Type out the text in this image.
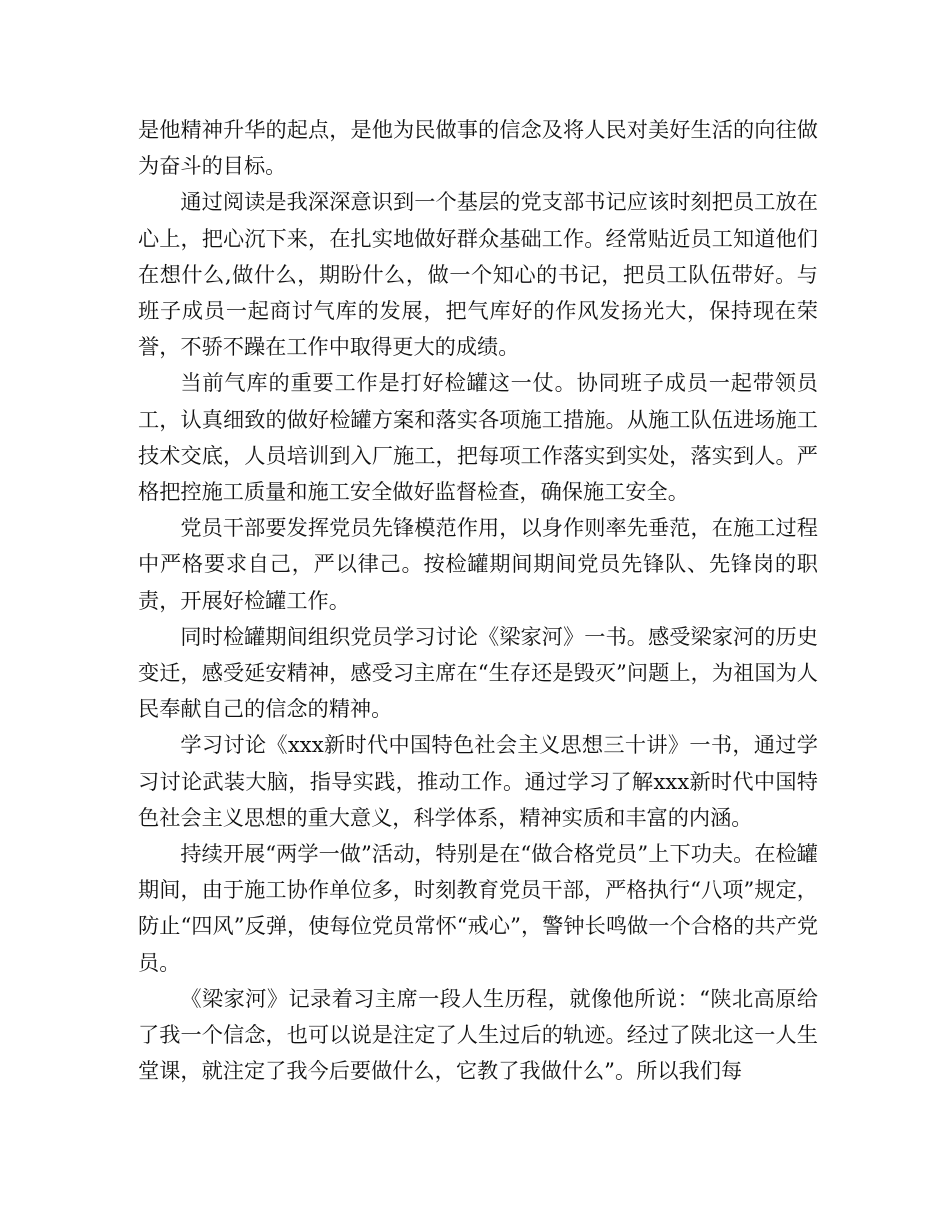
是他精神升华的起点，是他为民做事的信念及将人民对美好生活的向往做为奋斗的目标。

通过阅读是我深深意识到一个基层的党支部书记应该时刻把员工放在心上，把心沉下来，在扎实地做好群众基础工作。经常贴近员工知道他们在想什么,做什么，期盼什么，做一个知心的书记，把员工队伍带好。与班子成员一起商讨气库的发展，把气库好的作风发扬光大，保持现在荣誉，不骄不躁在工作中取得更大的成绩。

当前气库的重要工作是打好检罐这一仗。协同班子成员一起带领员工，认真细致的做好检罐方案和落实各项施工措施。从施工队伍进场施工技术交底，人员培训到入厂施工，把每项工作落实到实处，落实到人。严格把控施工质量和施工安全做好监督检查，确保施工安全。

党员干部要发挥党员先锋模范作用，以身作则率先垂范，在施工过程中严格要求自己，严以律己。按检罐期间期间党员先锋队、先锋岗的职责，开展好检罐工作。

同时检罐期间组织党员学习讨论《梁家河》一书。感受梁家河的历史变迁，感受延安精神，感受习主席在“生存还是毁灭”问题上，为祖国为人民奉献自己的信念的精神。

学习讨论《xxx新时代中国特色社会主义思想三十讲》一书，通过学习讨论武装大脑，指导实践，推动工作。通过学习了解xxx新时代中国特色社会主义思想的重大意义，科学体系，精神实质和丰富的内涵。

持续开展“两学一做”活动，特别是在“做合格党员”上下功夫。在检罐期间，由于施工协作单位多，时刻教育党员干部，严格执行“八项”规定，防止“四风”反弹，使每位党员常怀“戒心”，警钟长鸣做一个合格的共产党员。

《梁家河》记录着习主席一段人生历程，就像他所说：“陕北高原给了我一个信念，也可以说是注定了人生过后的轨迹。经过了陕北这一人生堂课，就注定了我今后要做什么，它教了我做什么”。所以我们每
